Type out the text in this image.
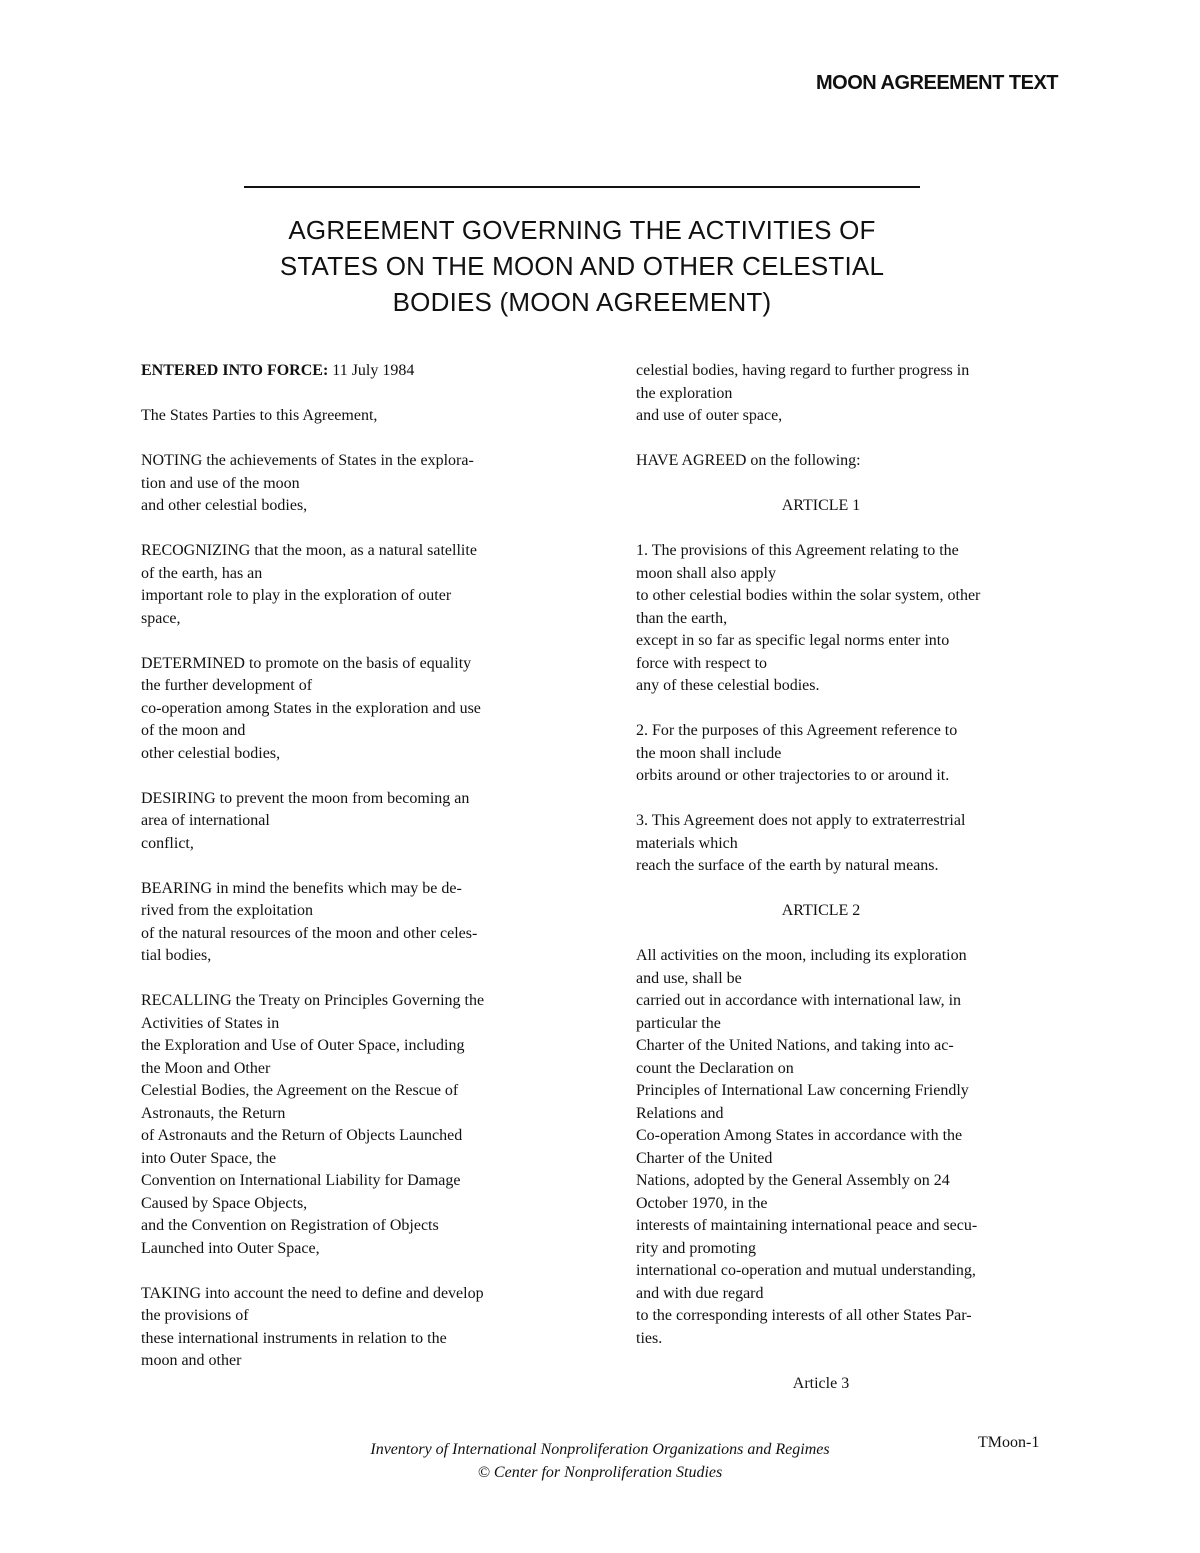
MOON AGREEMENT TEXT
AGREEMENT GOVERNING THE ACTIVITIES OF
STATES ON THE MOON AND OTHER CELESTIAL
BODIES (MOON AGREEMENT)
ENTERED INTO FORCE: 11 July 1984
The States Parties to this Agreement,
NOTING the achievements of States in the explora-
tion and use of the moon
and other celestial bodies,
RECOGNIZING that the moon, as a natural satellite
of the earth, has an
important role to play in the exploration of outer
space,
DETERMINED to promote on the basis of equality
the further development of
co-operation among States in the exploration and use
of the moon and
other celestial bodies,
DESIRING to prevent the moon from becoming an
area of international
conflict,
BEARING in mind the benefits which may be de-
rived from the exploitation
of the natural resources of the moon and other celes-
tial bodies,
RECALLING the Treaty on Principles Governing the
Activities of States in
the Exploration and Use of Outer Space, including
the Moon and Other
Celestial Bodies, the Agreement on the Rescue of
Astronauts, the Return
of Astronauts and the Return of Objects Launched
into Outer Space, the
Convention on International Liability for Damage
Caused by Space Objects,
and the Convention on Registration of Objects
Launched into Outer Space,
TAKING into account the need to define and develop
the provisions of
these international instruments in relation to the
moon and other
celestial bodies, having regard to further progress in
the exploration
and use of outer space,
HAVE AGREED on the following:
ARTICLE 1
1. The provisions of this Agreement relating to the
moon shall also apply
to other celestial bodies within the solar system, other
than the earth,
except in so far as specific legal norms enter into
force with respect to
any of these celestial bodies.
2. For the purposes of this Agreement reference to
the moon shall include
orbits around or other trajectories to or around it.
3. This Agreement does not apply to extraterrestrial
materials which
reach the surface of the earth by natural means.
ARTICLE 2
All activities on the moon, including its exploration
and use, shall be
carried out in accordance with international law, in
particular the
Charter of the United Nations, and taking into ac-
count the Declaration on
Principles of International Law concerning Friendly
Relations and
Co-operation Among States in accordance with the
Charter of the United
Nations, adopted by the General Assembly on 24
October 1970, in the
interests of maintaining international peace and secu-
rity and promoting
international co-operation and mutual understanding,
and with due regard
to the corresponding interests of all other States Par-
ties.
Article 3
Inventory of International Nonproliferation Organizations and Regimes
© Center for Nonproliferation Studies
TMoon-1
